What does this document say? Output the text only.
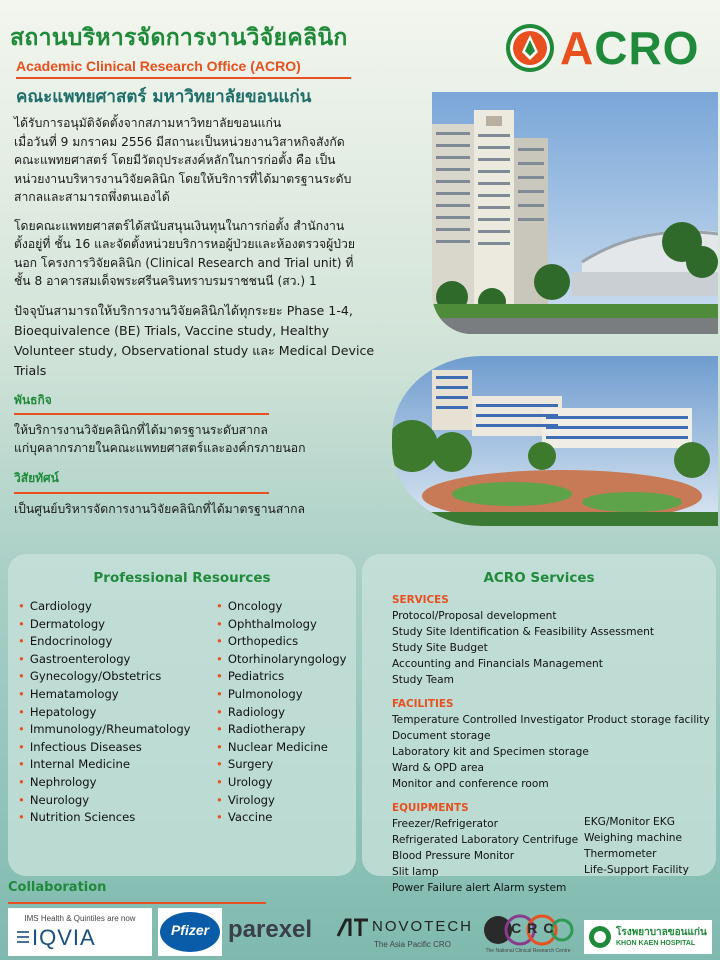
สถานบริหารจัดการงานวิจัยคลินิก
Academic Clinical Research Office (ACRO)
คณะแพทยศาสตร์ มหาวิทยาลัยขอนแก่น
ACRO

ได้รับการอนุมัติจัดตั้งจากสภามหาวิทยาลัยขอนแก่น
เมื่อวันที่ 9 มกราคม 2556 มีสถานะเป็นหน่วยงานวิสาหกิจสังกัด
คณะแพทยศาสตร์ โดยมีวัตถุประสงค์หลักในการก่อตั้ง คือ เป็น
หน่วยงานบริหารงานวิจัยคลินิก โดยให้บริการที่ได้มาตรฐานระดับ
สากลและสามารถพึ่งตนเองได้

โดยคณะแพทยศาสตร์ได้สนับสนุนเงินทุนในการก่อตั้ง สำนักงาน
ตั้งอยู่ที่ ชั้น 16 และจัดตั้งหน่วยบริการหอผู้ป่วยและห้องตรวจผู้ป่วย
นอก โครงการวิจัยคลินิก (Clinical Research and Trial unit) ที่
ชั้น 8 อาคารสมเด็จพระศรีนครินทราบรมราชชนนี (สว.) 1

ปัจจุบันสามารถให้บริการงานวิจัยคลินิกได้ทุกระยะ Phase 1-4,
Bioequivalence (BE) Trials, Vaccine study, Healthy
Volunteer study, Observational study และ Medical Device
Trials

พันธกิจ
ให้บริการงานวิจัยคลินิกที่ได้มาตรฐานระดับสากล
แก่บุคลากรภายในคณะแพทยศาสตร์และองค์กรภายนอก
วิสัยทัศน์
เป็นศูนย์บริหารจัดการงานวิจัยคลินิกที่ได้มาตรฐานสากล
Professional Resources
• Cardiology
• Dermatology
• Endocrinology
• Gastroenterology
• Gynecology/Obstetrics
• Hematamology
• Hepatology
• Immunology/Rheumatology
• Infectious Diseases
• Internal Medicine
• Nephrology
• Neurology
• Nutrition Sciences
• Oncology
• Ophthalmology
• Orthopedics
• Otorhinolaryngology
• Pediatrics
• Pulmonology
• Radiology
• Radiotherapy
• Nuclear Medicine
• Surgery
• Urology
• Virology
• Vaccine
ACRO Services
SERVICES
Protocol/Proposal development
Study Site Identification & Feasibility Assessment
Study Site Budget
Accounting and Financials Management
Study Team
FACILITIES
Temperature Controlled Investigator Product storage facility
Document storage
Laboratory kit and Specimen storage
Ward & OPD area
Monitor and conference room
EQUIPMENTS
Freezer/Refrigerator
Refrigerated Laboratory Centrifuge
Blood Pressure Monitor
Slit lamp
Power Failure alert Alarm system
EKG/Monitor EKG
Weighing machine
Thermometer
Life-Support Facility
Collaboration
IMS Health & Quintiles are now
IQVIA	Pfizer parexel	NOVOTECH
The Asia Pacific CRO
nCRC
The National Clinical Research Centre
โรงพยาบาลขอนแก่น
KHON KAEN HOSPITAL
